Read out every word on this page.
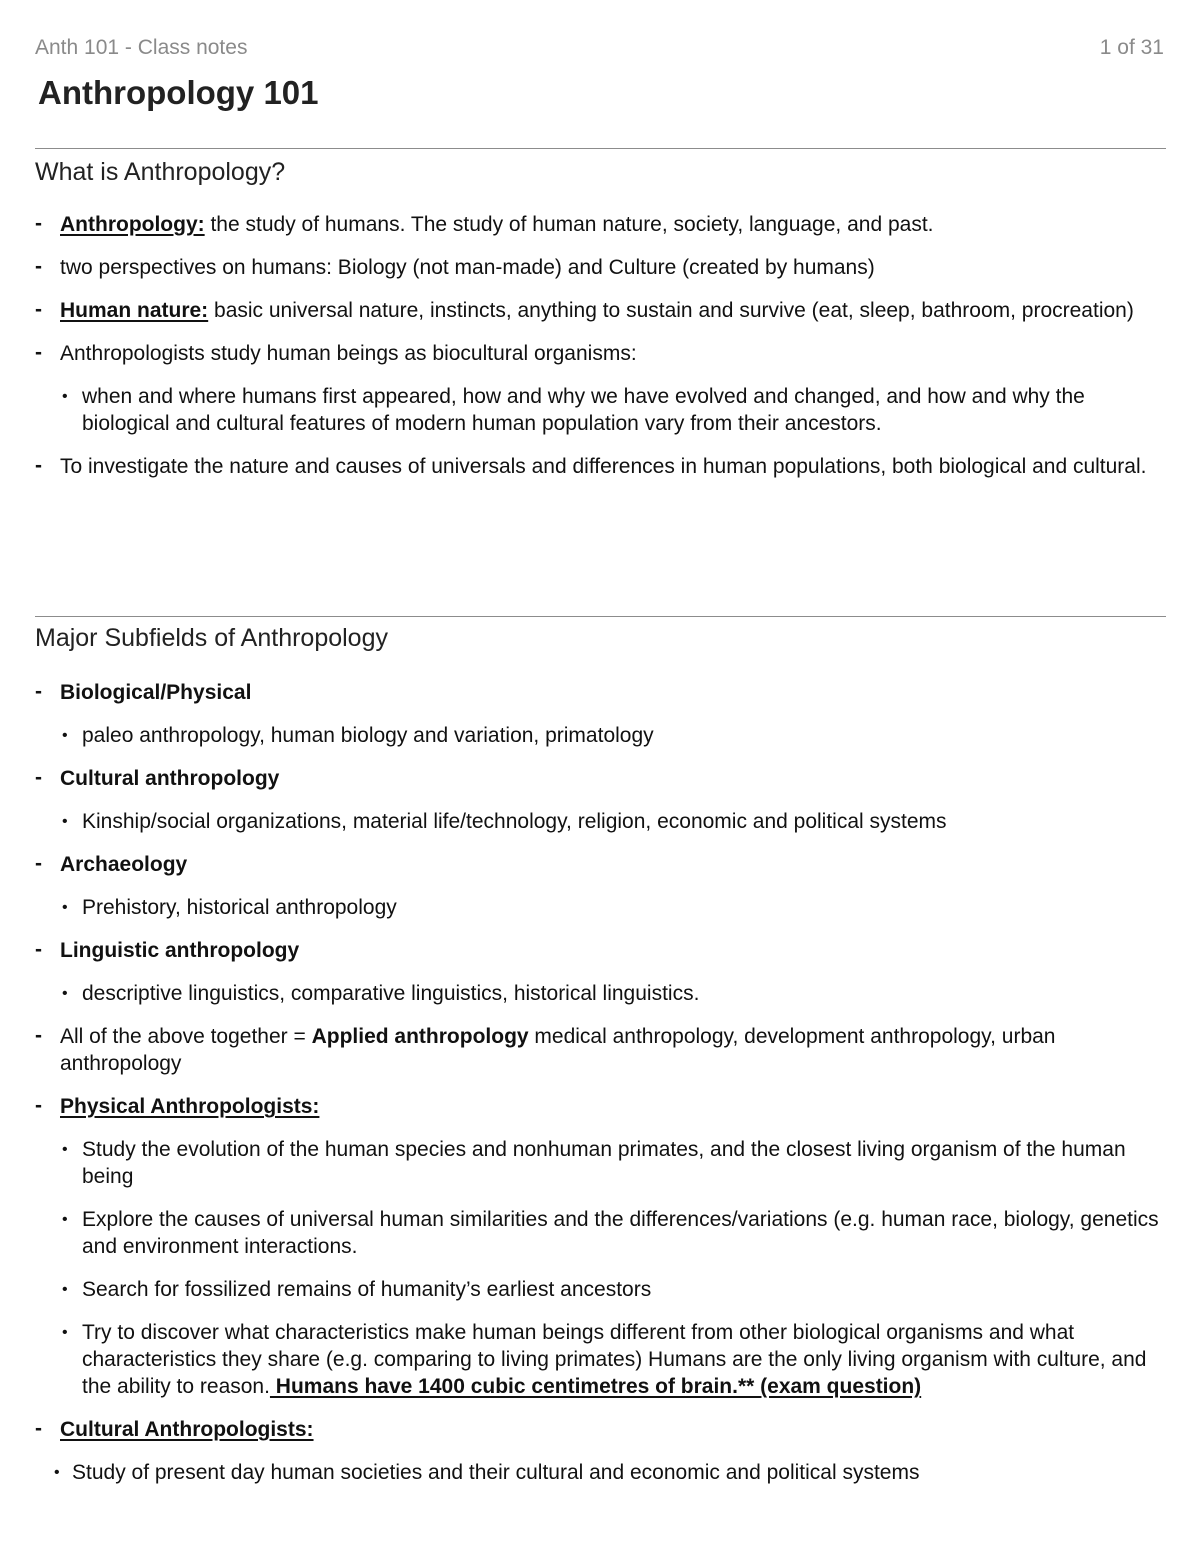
Anth 101 - Class notes	1 of 31
Anthropology 101
What is Anthropology?
- Anthropology: the study of humans. The study of human nature, society, language, and past.
- two perspectives on humans: Biology (not man-made) and Culture (created by humans)
- Human nature: basic universal nature, instincts, anything to sustain and survive (eat, sleep, bathroom, procreation)
- Anthropologists study human beings as biocultural organisms:
• when and where humans first appeared, how and why we have evolved and changed, and how and why the biological and cultural features of modern human population vary from their ancestors.
- To investigate the nature and causes of universals and differences in human populations, both biological and cultural.
Major Subfields of Anthropology
- Biological/Physical
• paleo anthropology, human biology and variation, primatology
- Cultural anthropology
• Kinship/social organizations, material life/technology, religion, economic and political systems
- Archaeology
• Prehistory, historical anthropology
- Linguistic anthropology
• descriptive linguistics, comparative linguistics, historical linguistics.
- All of the above together = Applied anthropology medical anthropology, development anthropology, urban anthropology
- Physical Anthropologists:
• Study the evolution of the human species and nonhuman primates, and the closest living organism of the human being
• Explore the causes of universal human similarities and the differences/variations (e.g. human race, biology, genetics and environment interactions.
• Search for fossilized remains of humanity’s earliest ancestors
• Try to discover what characteristics make human beings different from other biological organisms and what characteristics they share (e.g. comparing to living primates) Humans are the only living organism with culture, and the ability to reason. Humans have 1400 cubic centimetres of brain.** (exam question)
- Cultural Anthropologists:
• Study of present day human societies and their cultural and economic and political systems
